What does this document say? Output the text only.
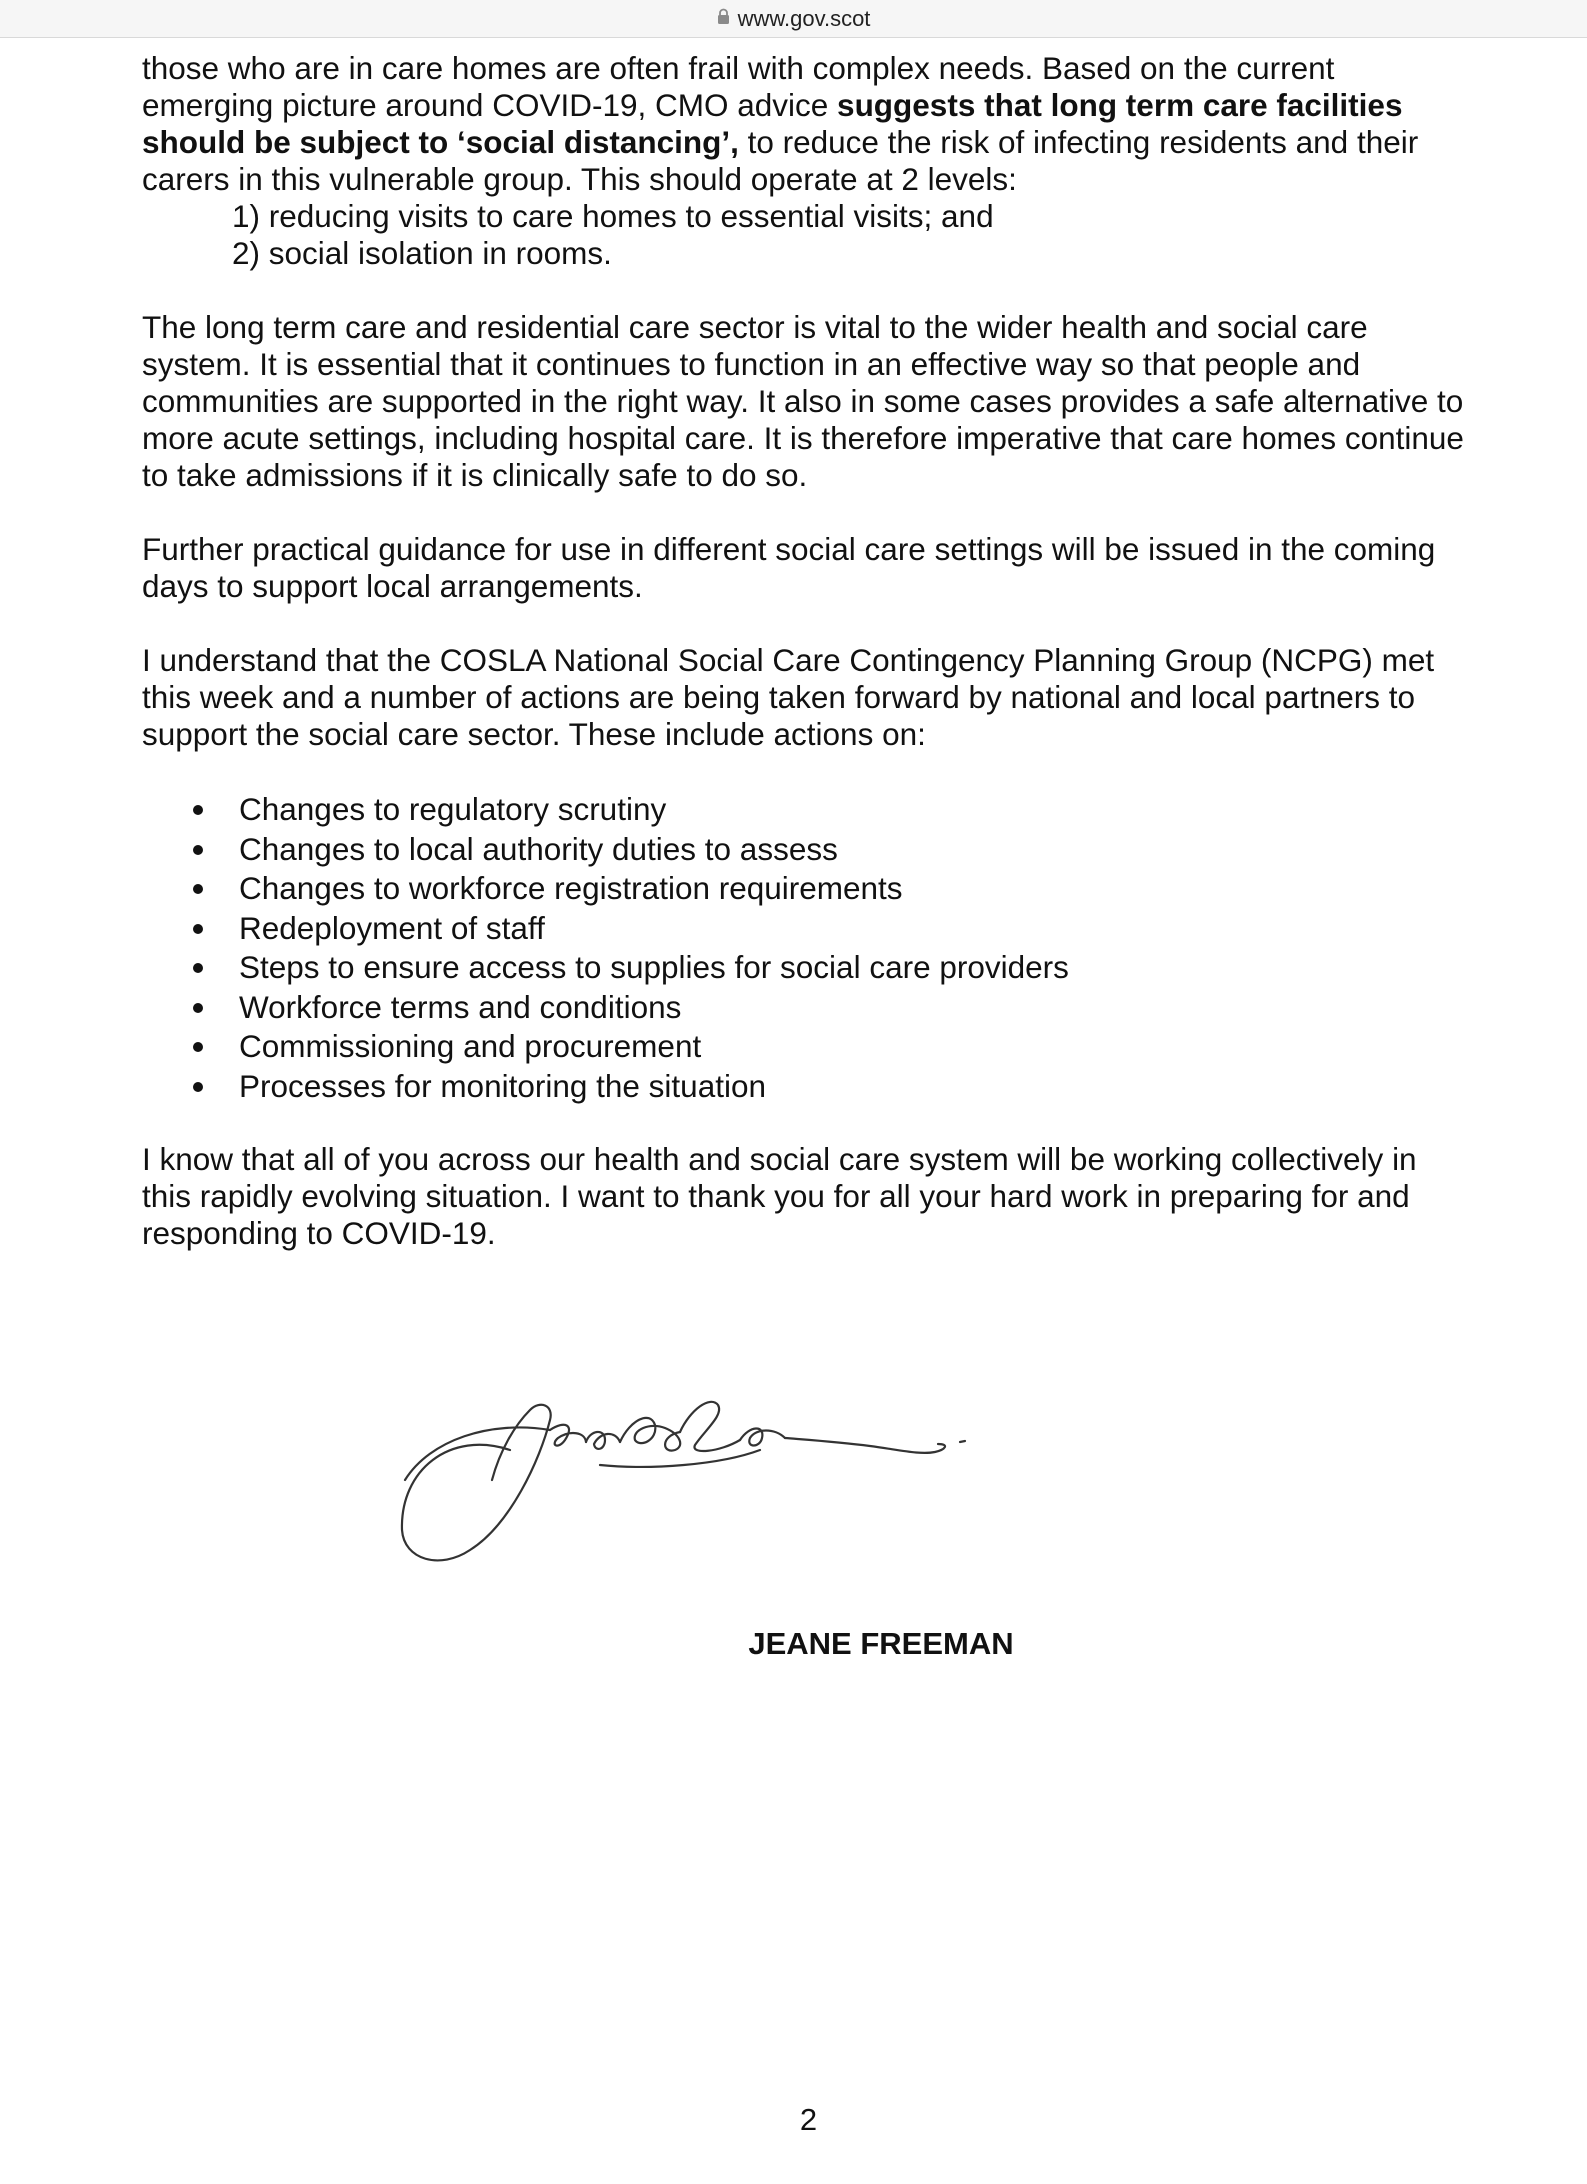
www.gov.scot

those who are in care homes are often frail with complex needs. Based on the current emerging picture around COVID-19, CMO advice suggests that long term care facilities should be subject to ‘social distancing’, to reduce the risk of infecting residents and their carers in this vulnerable group. This should operate at 2 levels:

1) reducing visits to care homes to essential visits; and
2) social isolation in rooms.

The long term care and residential care sector is vital to the wider health and social care system. It is essential that it continues to function in an effective way so that people and communities are supported in the right way. It also in some cases provides a safe alternative to more acute settings, including hospital care. It is therefore imperative that care homes continue to take admissions if it is clinically safe to do so.

Further practical guidance for use in different social care settings will be issued in the coming days to support local arrangements.

I understand that the COSLA National Social Care Contingency Planning Group (NCPG) met this week and a number of actions are being taken forward by national and local partners to support the social care sector. These include actions on:

Changes to regulatory scrutiny
Changes to local authority duties to assess
Changes to workforce registration requirements
Redeployment of staff
Steps to ensure access to supplies for social care providers
Workforce terms and conditions
Commissioning and procurement
Processes for monitoring the situation

I know that all of you across our health and social care system will be working collectively in this rapidly evolving situation. I want to thank you for all your hard work in preparing for and responding to COVID-19.

JEANE FREEMAN
2
